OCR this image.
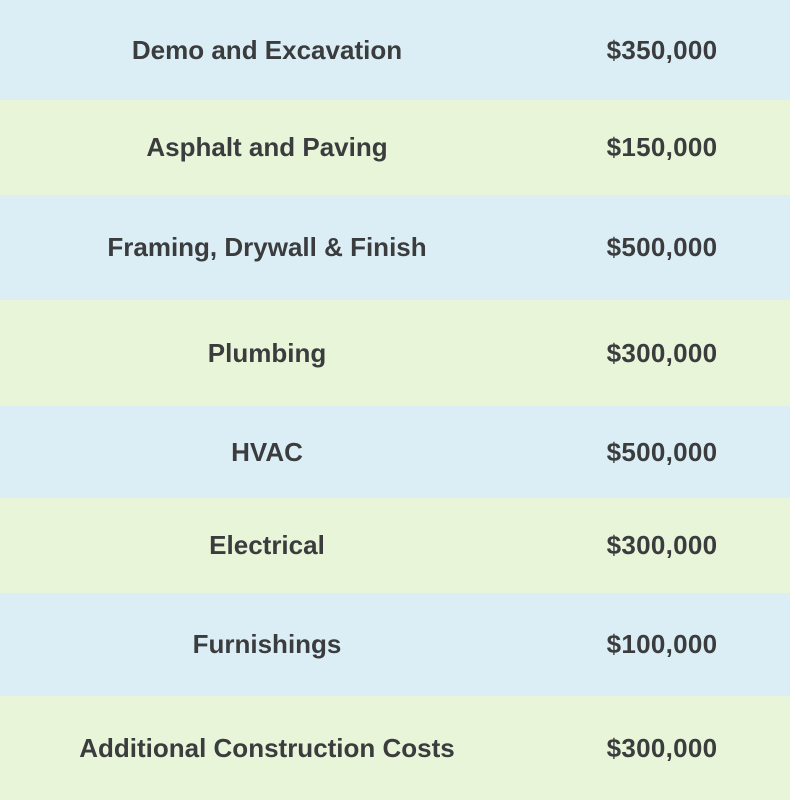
Demo and Excavation	$350,000
Asphalt and Paving	$150,000
Framing, Drywall & Finish	$500,000
Plumbing	$300,000
HVAC	$500,000
Electrical	$300,000
Furnishings	$100,000
Additional Construction Costs	$300,000
